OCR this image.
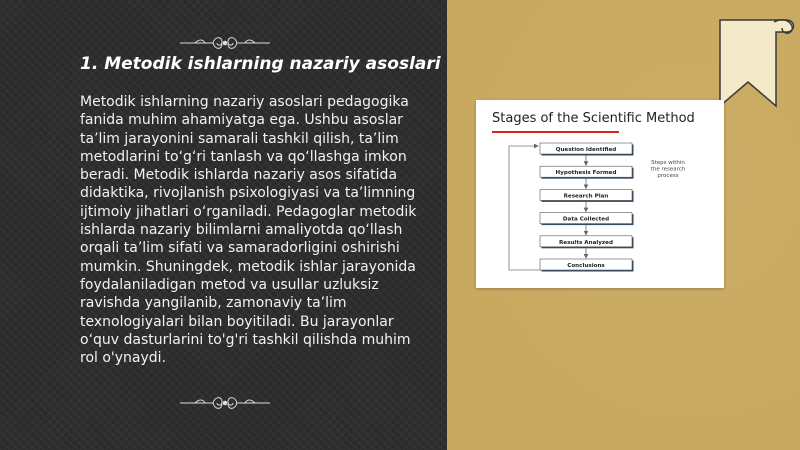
1. Metodik ishlarning nazariy asoslari
Metodik ishlarning nazariy asoslari pedagogika fanida muhim ahamiyatga ega. Ushbu asoslar ta’lim jarayonini samarali tashkil qilish, ta’lim metodlarini to‘g‘ri tanlash va qo‘llashga imkon beradi. Metodik ishlarda nazariy asos sifatida didaktika, rivojlanish psixologiyasi va ta’limning ijtimoiy jihatlari o‘rganiladi. Pedagoglar metodik ishlarda nazariy bilimlarni amaliyotda qo‘llash orqali ta’lim sifati va samaradorligini oshirishi mumkin. Shuningdek, metodik ishlar jarayonida foydalaniladigan metod va usullar uzluksiz ravishda yangilanib, zamonaviy ta’lim texnologiyalari bilan boyitiladi. Bu jarayonlar o‘quv dasturlarini to'g'ri tashkil qilishda muhim rol o'ynaydi.
Stages of the Scientific Method
Question Identified
Hypothesis Formed
Research Plan
Data Collected
Results Analyzed
Conclusions
Steps within the research process
